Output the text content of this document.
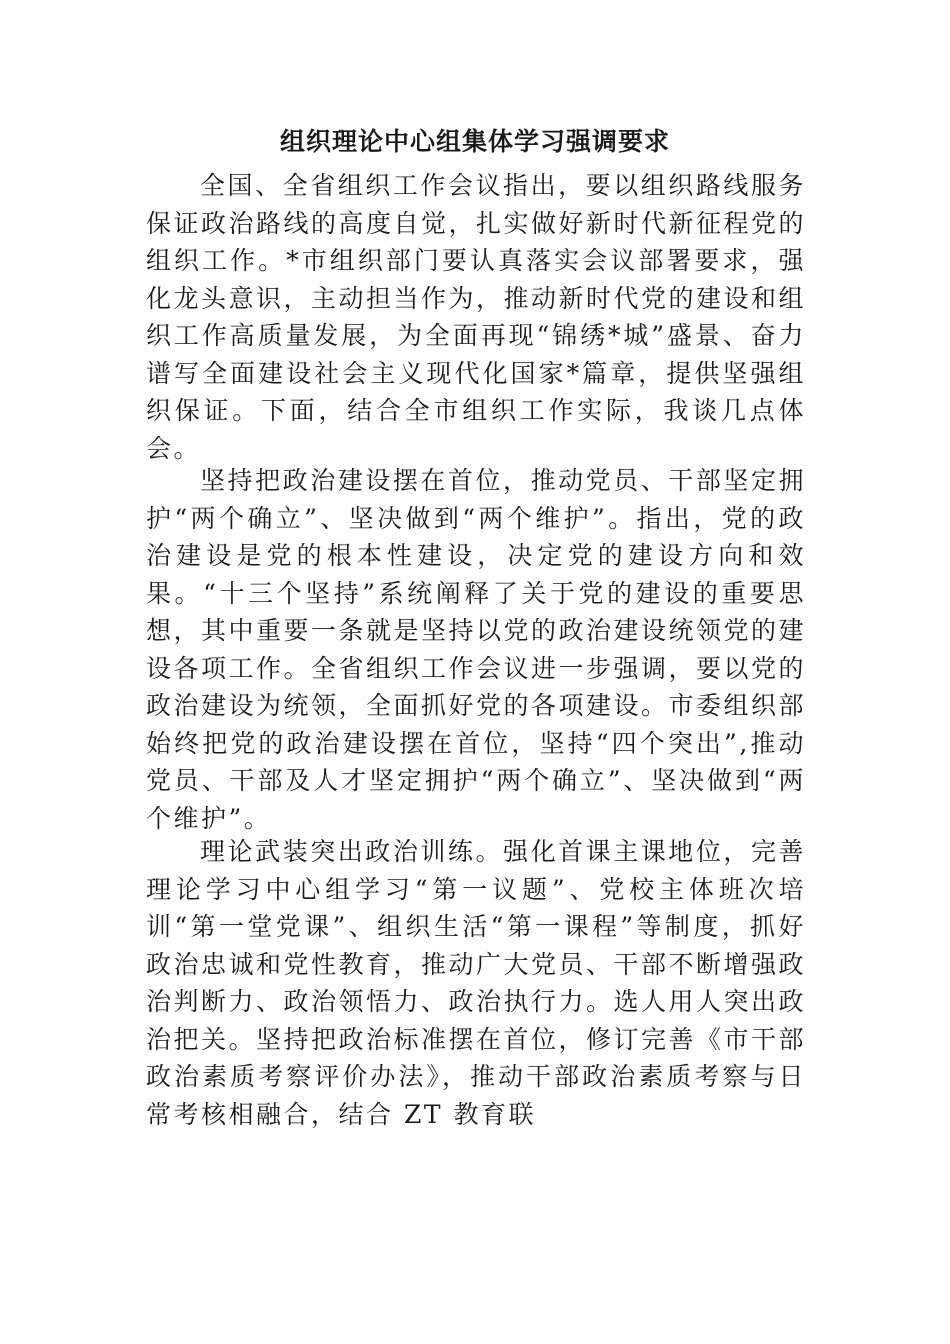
组织理论中心组集体学习强调要求

全国、全省组织工作会议指出，要以组织路线服务保证政治路线的高度自觉，扎实做好新时代新征程党的组织工作。*市组织部门要认真落实会议部署要求，强化龙头意识，主动担当作为，推动新时代党的建设和组织工作高质量发展，为全面再现“锦绣*城”盛景、奋力谱写全面建设社会主义现代化国家*篇章，提供坚强组织保证。下面，结合全市组织工作实际，我谈几点体会。

坚持把政治建设摆在首位，推动党员、干部坚定拥护“两个确立”、坚决做到“两个维护”。指出，党的政治建设是党的根本性建设，决定党的建设方向和效果。“十三个坚持”系统阐释了关于党的建设的重要思想，其中重要一条就是坚持以党的政治建设统领党的建设各项工作。全省组织工作会议进一步强调，要以党的政治建设为统领，全面抓好党的各项建设。市委组织部始终把党的政治建设摆在首位，坚持“四个突出”,推动党员、干部及人才坚定拥护“两个确立”、坚决做到“两个维护”。

理论武装突出政治训练。强化首课主课地位，完善理论学习中心组学习“第一议题”、党校主体班次培训“第一堂党课”、组织生活“第一课程”等制度，抓好政治忠诚和党性教育，推动广大党员、干部不断增强政治判断力、政治领悟力、政治执行力。选人用人突出政治把关。坚持把政治标准摆在首位，修订完善《市干部政治素质考察评价办法》，推动干部政治素质考察与日常考核相融合，结合 ZT 教育联
